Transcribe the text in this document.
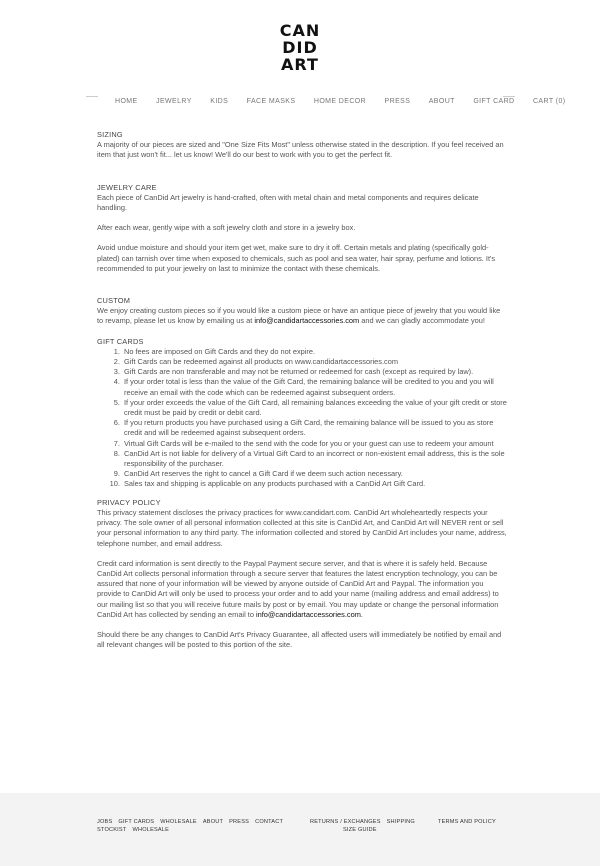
CAN
DID
ART
HOME	JEWELRY	KIDS	FACE MASKS	HOME DECOR	PRESS	ABOUT	GIFT CARD	CART (0)

SIZING

A majority of our pieces are sized and "One Size Fits Most" unless otherwise stated in the description. If you feel received an item that just won't fit... let us know! We'll do our best to work with you to get the perfect fit.

JEWELRY CARE

Each piece of CanDid Art jewelry is hand-crafted, often with metal chain and metal components and requires delicate handling.

After each wear, gently wipe with a soft jewelry cloth and store in a jewelry box.

Avoid undue moisture and should your item get wet, make sure to dry it off. Certain metals and plating (specifically gold-plated) can tarnish over time when exposed to chemicals, such as pool and sea water, hair spray, perfume and lotions. It's recommended to put your jewelry on last to minimize the contact with these chemicals.

CUSTOM

We enjoy creating custom pieces so if you would like a custom piece or have an antique piece of jewelry that you would like to revamp, please let us know by emailing us at info@candidartaccessories.com and we can gladly accommodate you!

GIFT CARDS

1. No fees are imposed on Gift Cards and they do not expire.
2. Gift Cards can be redeemed against all products on www.candidartaccessories.com
3. Gift Cards are non transferable and may not be returned or redeemed for cash (except as required by law).
4. If your order total is less than the value of the Gift Card, the remaining balance will be credited to you and you will receive an email with the code which can be redeemed against subsequent orders.
5. If your order exceeds the value of the Gift Card, all remaining balances exceeding the value of your gift credit or store credit must be paid by credit or debit card.
6. If you return products you have purchased using a Gift Card, the remaining balance will be issued to you as store credit and will be redeemed against subsequent orders.
7. Virtual Gift Cards will be e-mailed to the send with the code for you or your guest can use to redeem your amount
8. CanDid Art is not liable for delivery of a Virtual Gift Card to an incorrect or non-existent email address, this is the sole responsibility of the purchaser.
9. CanDid Art reserves the right to cancel a Gift Card if we deem such action necessary.
10. Sales tax and shipping is applicable on any products purchased with a CanDid Art Gift Card.

PRIVACY POLICY

This privacy statement discloses the privacy practices for www.candidart.com. CanDid Art wholeheartedly respects your privacy. The sole owner of all personal information collected at this site is CanDid Art, and CanDid Art will NEVER rent or sell your personal information to any third party. The information collected and stored by CanDid Art includes your name, address, telephone number, and email address.

Credit card information is sent directly to the Paypal Payment secure server, and that is where it is safely held. Because CanDid Art collects personal information through a secure server that features the latest encryption technology, you can be assured that none of your information will be viewed by anyone outside of CanDid Art and Paypal. The information you provide to CanDid Art will only be used to process your order and to add your name (mailing address and email address) to our mailing list so that you will receive future mails by post or by email. You may update or change the personal information CanDid Art has collected by sending an email to info@candidartaccessories.com.

Should there be any changes to CanDid Art's Privacy Guarantee, all affected users will immediately be notified by email and all relevant changes will be posted to this portion of the site.

JOBS GIFT CARDS WHOLESALE ABOUT PRESS CONTACT
STOCKIST WHOLESALE
RETURNS / EXCHANGES SHIPPING
SIZE GUIDE
TERMS AND POLICY
